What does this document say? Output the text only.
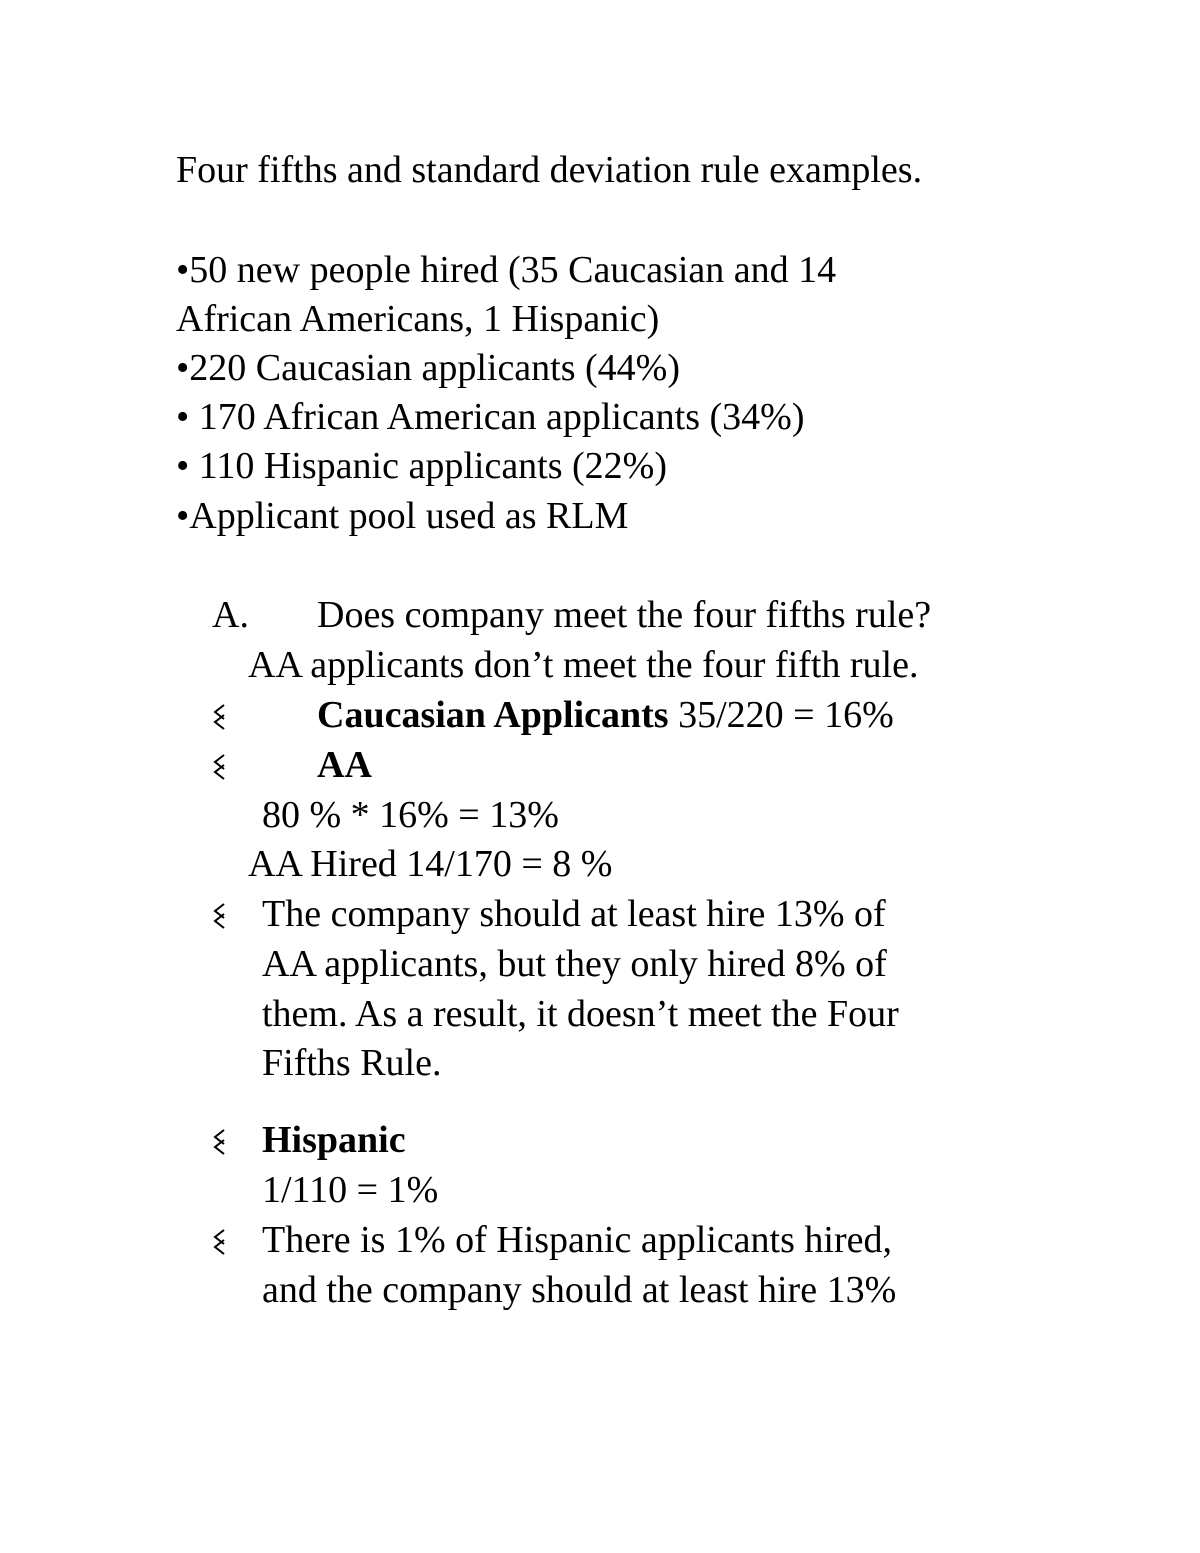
Four fifths and standard deviation rule examples.

•50 new people hired (35 Caucasian and 14

African Americans, 1 Hispanic)

•220 Caucasian applicants (44%)

• 170 African American applicants (34%)

• 110 Hispanic applicants (22%)

•Applicant pool used as RLM

A. Does company meet the four fifths rule?

AA applicants don’t meet the four fifth rule.

Caucasian Applicants 35/220 = 16%

AA

80 % * 16% = 13%

AA Hired 14/170 = 8 %

The company should at least hire 13% of

AA applicants, but they only hired 8% of

them. As a result, it doesn’t meet the Four

Fifths Rule.

Hispanic

1/110 = 1%

There is 1% of Hispanic applicants hired,

and the company should at least hire 13%
